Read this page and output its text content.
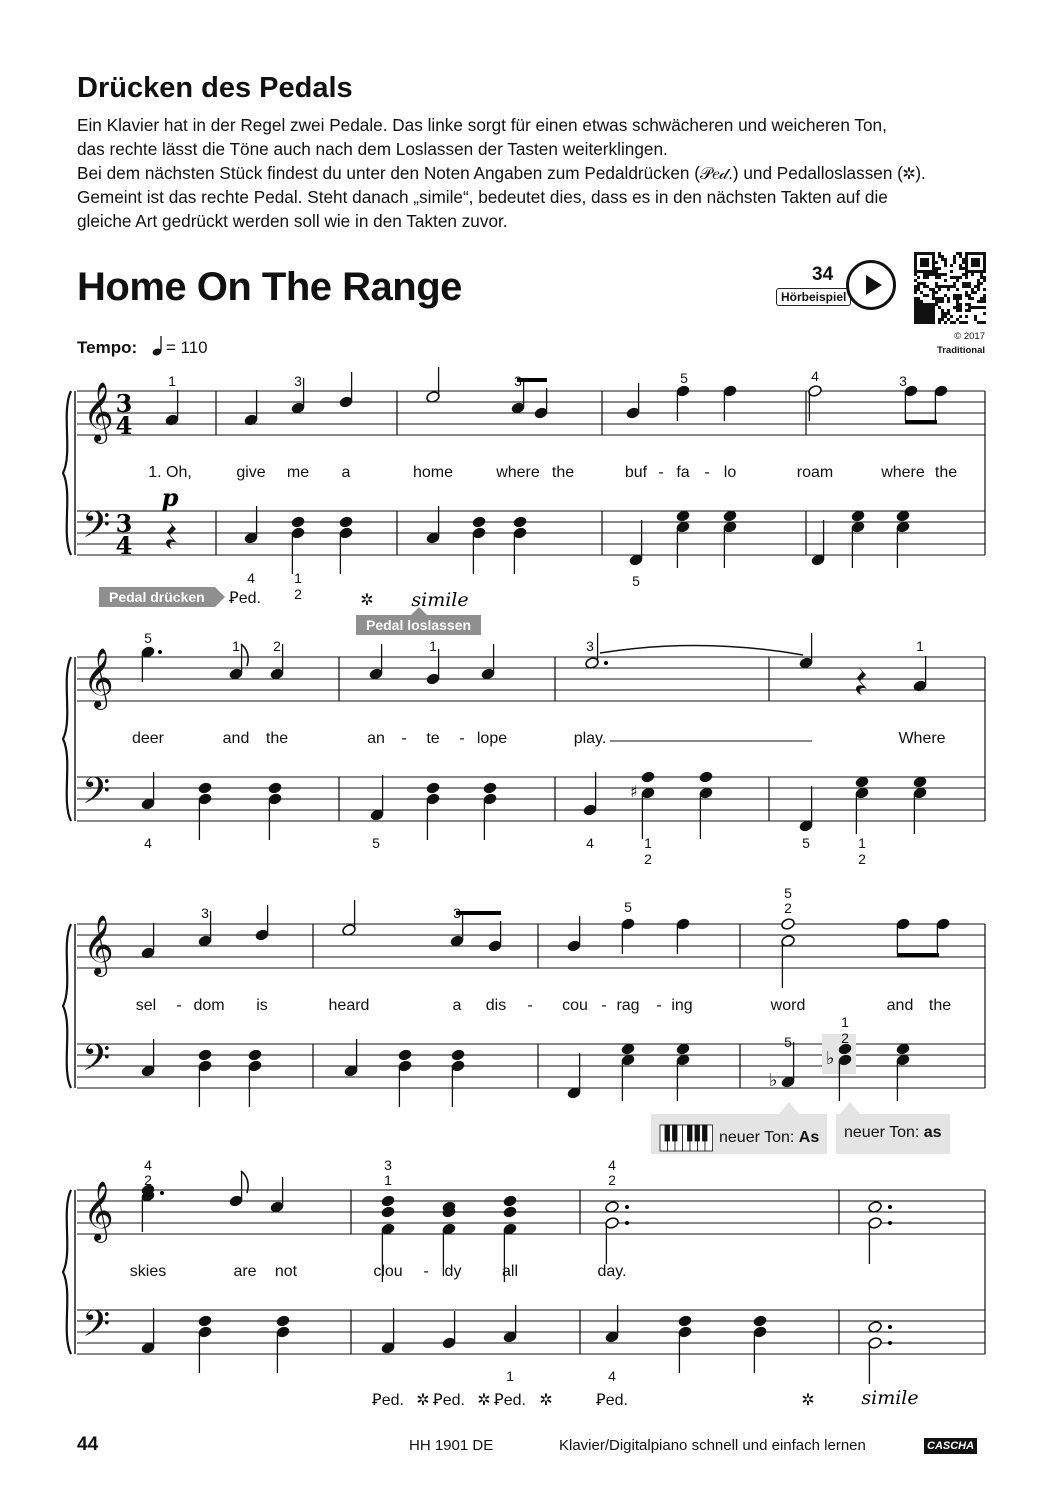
Drücken des Pedals

Ein Klavier hat in der Regel zwei Pedale. Das linke sorgt für einen etwas schwächeren und weicheren Ton,

das rechte lässt die Töne auch nach dem Loslassen der Tasten weiterklingen.

Bei dem nächsten Stück findest du unter den Noten Angaben zum Pedaldrücken (𝒫𝑒𝒹.) und Pedalloslassen (✲).

Gemeint ist das rechte Pedal. Steht danach „simile“, bedeutet dies, dass es in den nächsten Takten auf die

gleiche Art gedrückt werden soll wie in den Takten zuvor.

Home On The Range	34
Hörbeispiel
© 2017
Traditional
Tempo: = 110
𝄞
𝄢
𝄞
𝄢
𝄞
𝄢
𝄞
𝄢
3
4
3
4
p
1	3	3	5	4	3
4	1
2
5
1. Oh,	give me a	home	where the	buf - fa - lo	roam	where the
Ꝑed.	✲ simile
♯
5	1 2	1	3	1
4	5	4	1
2
5	1
2
deer	and the	an - te - lope	play.	Where
♭
♭
3	3	5
5
2
5
1
2
sel - dom is	heard	a dis - cou - rag - ing	word	and the
4
2
3
1
4
2
1	4
skies	are not	clou - dy	all	day.
Ꝑed. ✲ Ꝑed. ✲ Ꝑed. ✲	Ꝑed.	✲ simile
Pedal drücken
Pedal loslassen
neuer Ton: As	neuer Ton: as
44	HH 1901 DE	Klavier/Digitalpiano schnell und einfach lernen	CASCHA
